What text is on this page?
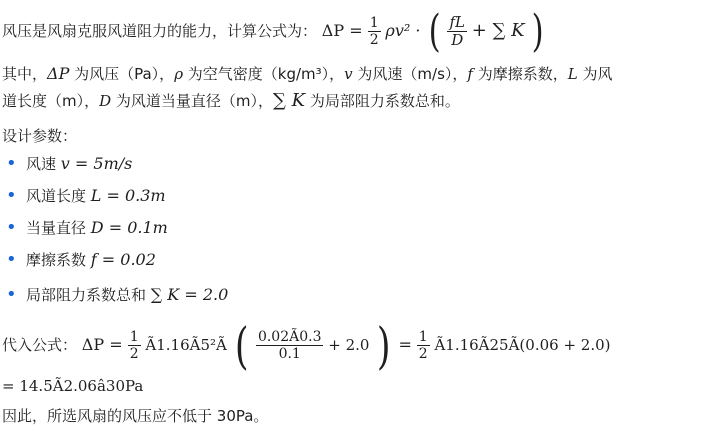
风压是风扇克服风道阻力的能力，计算公式为： $\Delta P = \frac{1}{2} \rho v^2$ · ( $\frac{fL}{D}$ + ∑ K )
其中，ΔP 为风压（Pa），ρ 为空气密度（kg/m³），v 为风速（m/s），f 为摩擦系数，L 为风
道长度（m），D 为风道当量直径（m），∑ K 为局部阻力系数总和。
设计参数：
• 风速 v = 5m/s
• 风道长度 L = 0.3m
• 当量直径 D = 0.1m
• 摩擦系数 f = 0.02
• 局部阻力系数总和 ∑ K = 2.0
代入公式： $\Delta P = \frac{1}{2}$ Ã1.16Ã5²Ã ( $\frac{0.02Ã0.3}{0.1} + 2.0$ ) = $\frac{1}{2}$ Ã1.16Ã25Ã(0.06 + 2.0)
= 14.5Ã2.06â30Pa
因此，所选风扇的风压应不低于 30Pa。
